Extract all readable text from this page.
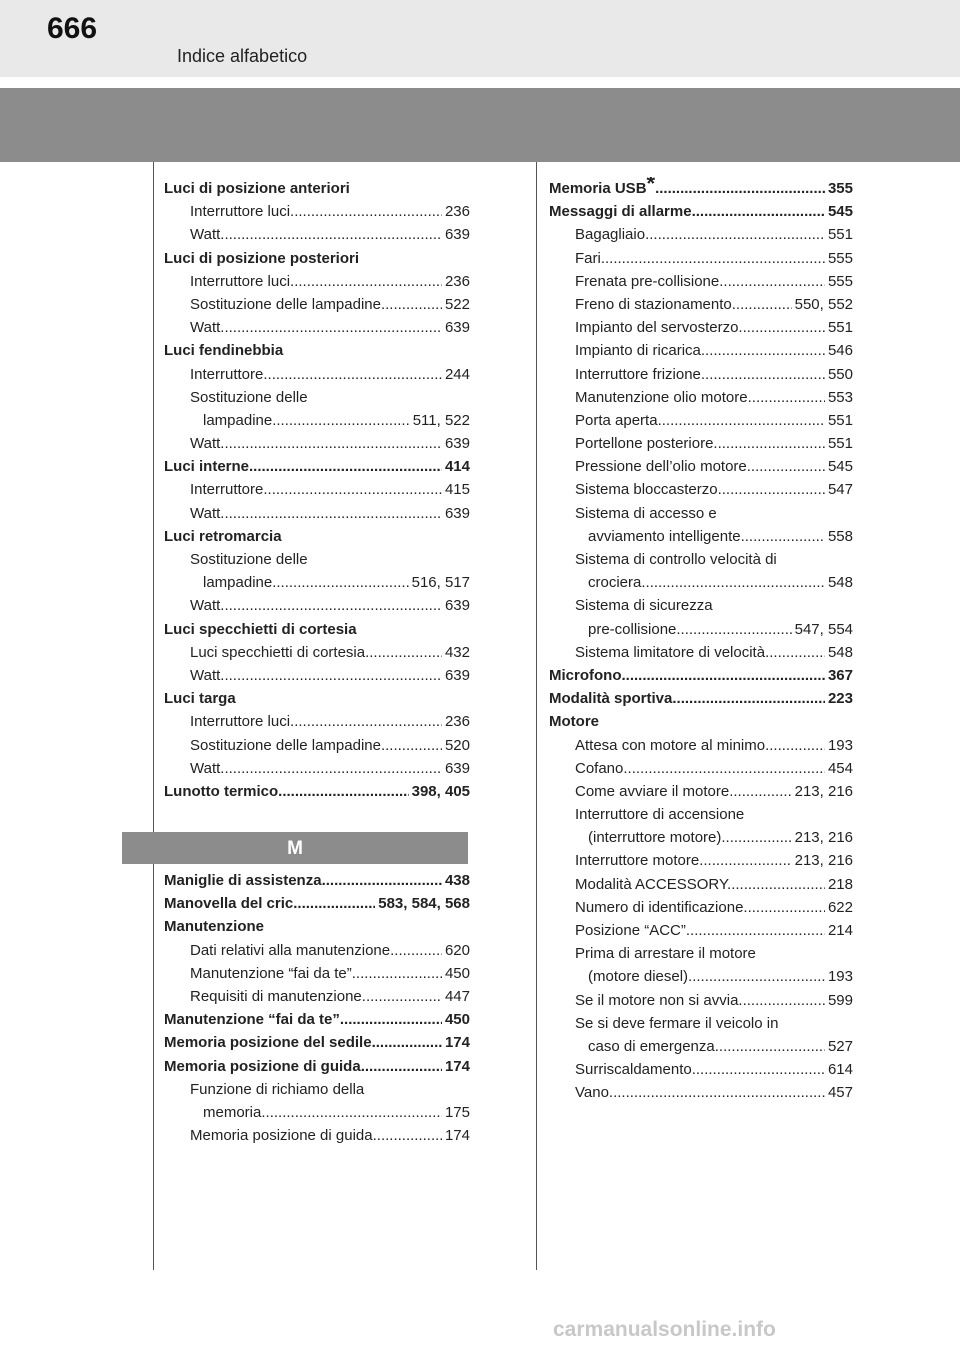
666
Indice alfabetico
Luci di posizione anteriori
Interruttore luci .....	236
Watt .....	639
Luci di posizione posteriori
Interruttore luci .....	236
Sostituzione delle lampadine .....	522
Watt .....	639
Luci fendinebbia
Interruttore .....	244
Sostituzione delle
lampadine .....	511, 522
Watt .....	639
Luci interne .....	414
Interruttore .....	415
Watt .....	639
Luci retromarcia
Sostituzione delle
lampadine .....	516, 517
Watt .....	639
Luci specchietti di cortesia
Luci specchietti di cortesia .....	432
Watt .....	639
Luci targa
Interruttore luci .....	236
Sostituzione delle lampadine .....	520
Watt .....	639
Lunotto termico .....	398, 405
M
Maniglie di assistenza .....	438
Manovella del cric .....	583, 584, 568
Manutenzione
Dati relativi alla manutenzione .....	620
Manutenzione “fai da te” .....	450
Requisiti di manutenzione .....	447
Manutenzione “fai da te” .....	450
Memoria posizione del sedile .....	174
Memoria posizione di guida .....	174
Funzione di richiamo della
memoria .....	175
Memoria posizione di guida .....	174
Memoria USB* .....	355
Messaggi di allarme .....	545
Bagagliaio .....	551
Fari .....	555
Frenata pre-collisione .....	555
Freno di stazionamento .....	550, 552
Impianto del servosterzo .....	551
Impianto di ricarica .....	546
Interruttore frizione .....	550
Manutenzione olio motore .....	553
Porta aperta .....	551
Portellone posteriore .....	551
Pressione dell’olio motore .....	545
Sistema bloccasterzo .....	547
Sistema di accesso e
avviamento intelligente .....	558
Sistema di controllo velocità di
crociera .....	548
Sistema di sicurezza
pre-collisione .....	547, 554
Sistema limitatore di velocità .....	548
Microfono .....	367
Modalità sportiva .....	223
Motore
Attesa con motore al minimo .....	193
Cofano .....	454
Come avviare il motore .....	213, 216
Interruttore di accensione
(interruttore motore) .....	213, 216
Interruttore motore .....	213, 216
Modalità ACCESSORY .....	218
Numero di identificazione .....	622
Posizione “ACC” .....	214
Prima di arrestare il motore
(motore diesel) .....	193
Se il motore non si avvia .....	599
Se si deve fermare il veicolo in
caso di emergenza .....	527
Surriscaldamento .....	614
Vano .....	457
carmanualsonline.info
